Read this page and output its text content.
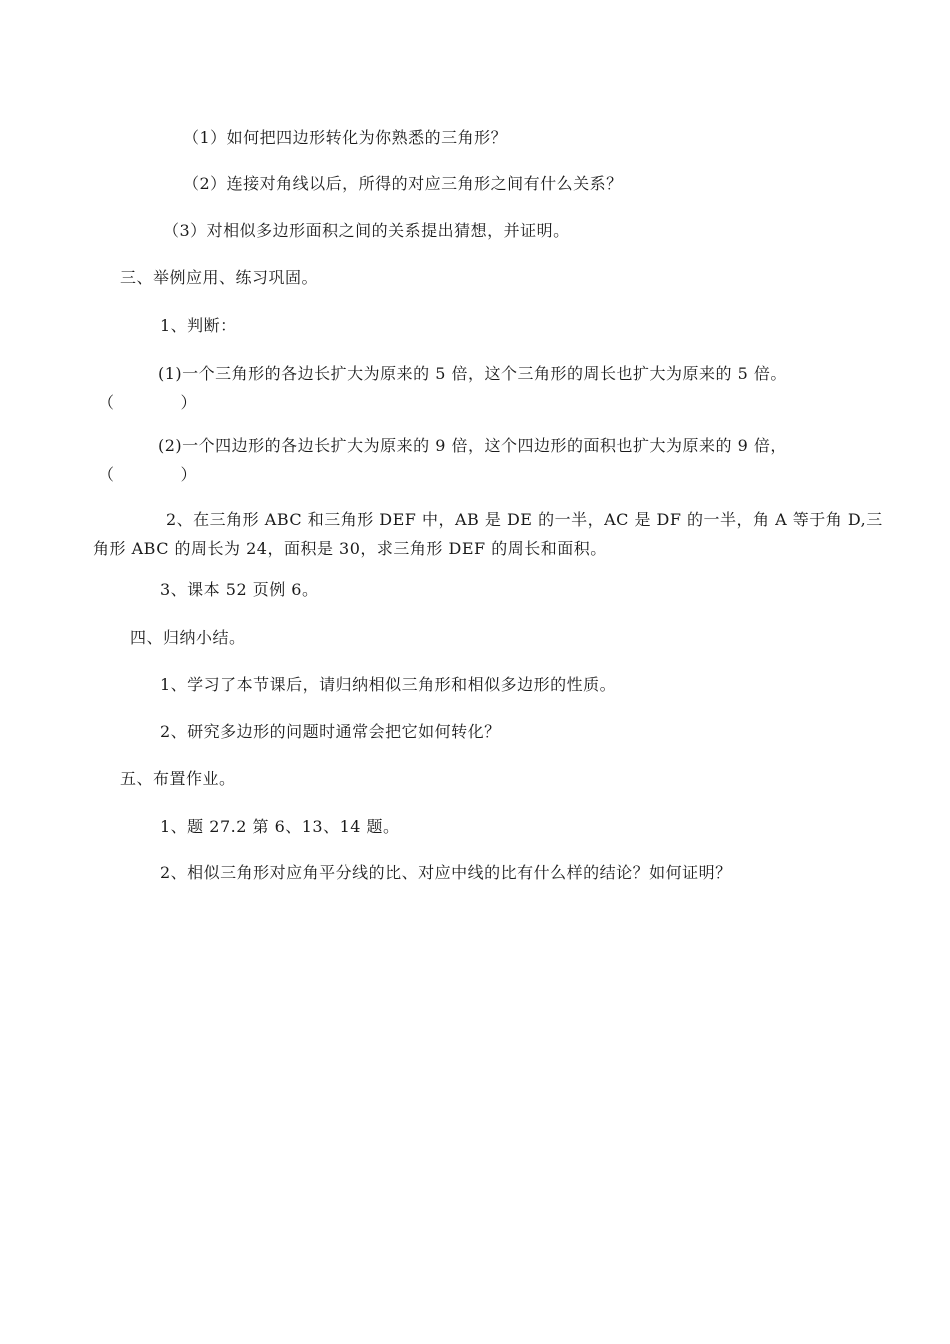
（1）如何把四边形转化为你熟悉的三角形？
（2）连接对角线以后，所得的对应三角形之间有什么关系？
（3）对相似多边形面积之间的关系提出猜想，并证明。
三、举例应用、练习巩固。
1、判断：
(1)一个三角形的各边长扩大为原来的 5 倍，这个三角形的周长也扩大为原来的 5 倍。
（　　　　）
(2)一个四边形的各边长扩大为原来的 9 倍，这个四边形的面积也扩大为原来的 9 倍，
（　　　　）
2、在三角形 ABC 和三角形 DEF 中，AB 是 DE 的一半，AC 是 DF 的一半，角 A 等于角 D,三
角形 ABC 的周长为 24，面积是 30，求三角形 DEF 的周长和面积。
3、课本 52 页例 6。
四、归纳小结。
1、学习了本节课后，请归纳相似三角形和相似多边形的性质。
2、研究多边形的问题时通常会把它如何转化？
五、布置作业。
1、题 27.2 第 6、13、14 题。
2、相似三角形对应角平分线的比、对应中线的比有什么样的结论？如何证明？
